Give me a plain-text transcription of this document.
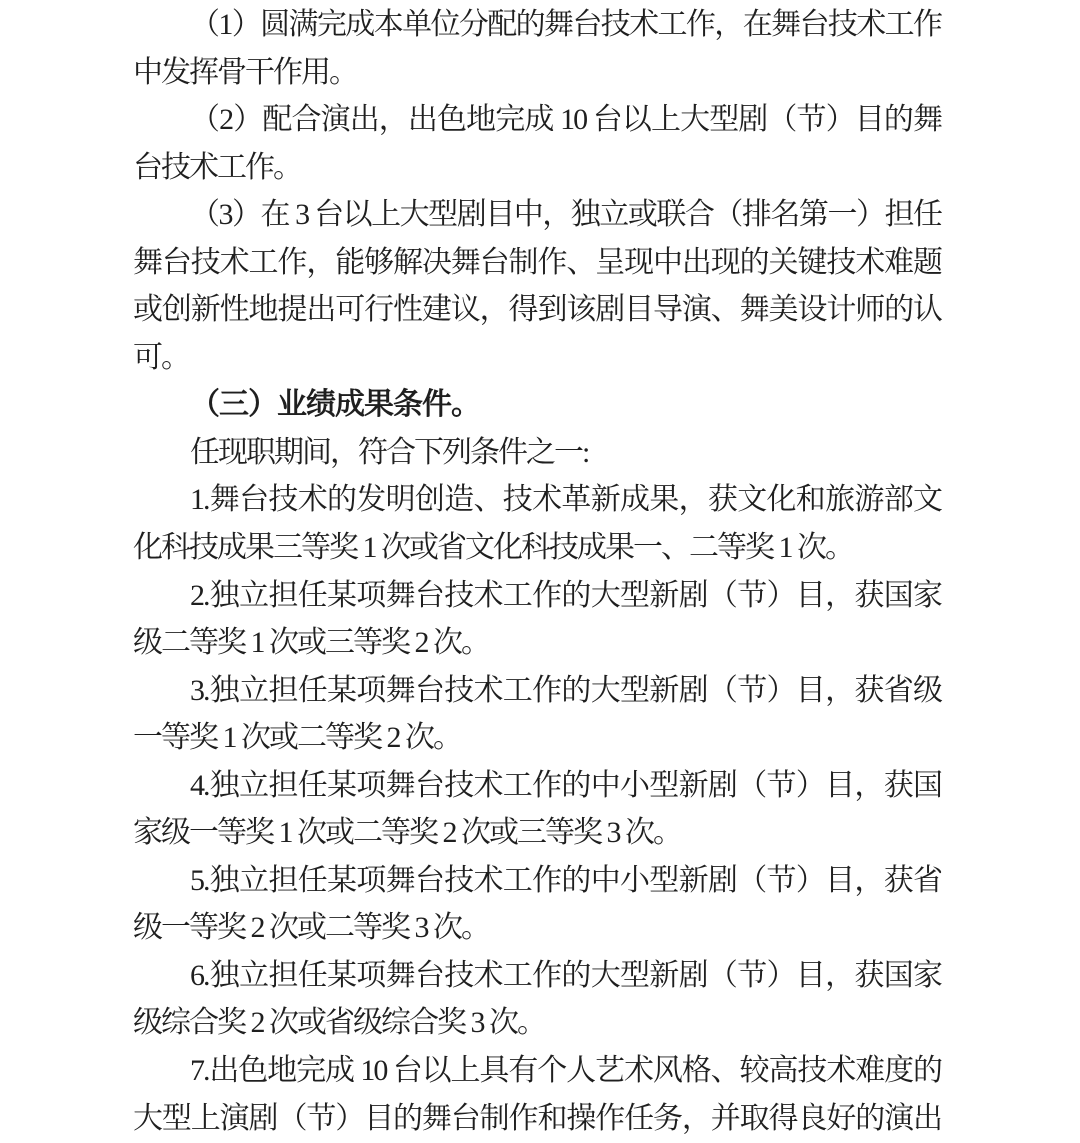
（1）圆满完成本单位分配的舞台技术工作，在舞台技术工作
中发挥骨干作用。
（2）配合演出，出色地完成 10 台以上大型剧（节）目的舞
台技术工作。
（3）在 3 台以上大型剧目中，独立或联合（排名第一）担任
舞台技术工作，能够解决舞台制作、呈现中出现的关键技术难题
或创新性地提出可行性建议，得到该剧目导演、舞美设计师的认
可。
（三）业绩成果条件。
任现职期间，符合下列条件之一:
1.舞台技术的发明创造、技术革新成果，获文化和旅游部文
化科技成果三等奖 1 次或省文化科技成果一、二等奖 1 次。
2.独立担任某项舞台技术工作的大型新剧（节）目，获国家
级二等奖 1 次或三等奖 2 次。
3.独立担任某项舞台技术工作的大型新剧（节）目，获省级
一等奖 1 次或二等奖 2 次。
4.独立担任某项舞台技术工作的中小型新剧（节）目，获国
家级一等奖 1 次或二等奖 2 次或三等奖 3 次。
5.独立担任某项舞台技术工作的中小型新剧（节）目，获省
级一等奖 2 次或二等奖 3 次。
6.独立担任某项舞台技术工作的大型新剧（节）目，获国家
级综合奖 2 次或省级综合奖 3 次。
7.出色地完成 10 台以上具有个人艺术风格、较高技术难度的
大型上演剧（节）目的舞台制作和操作任务，并取得良好的演出
